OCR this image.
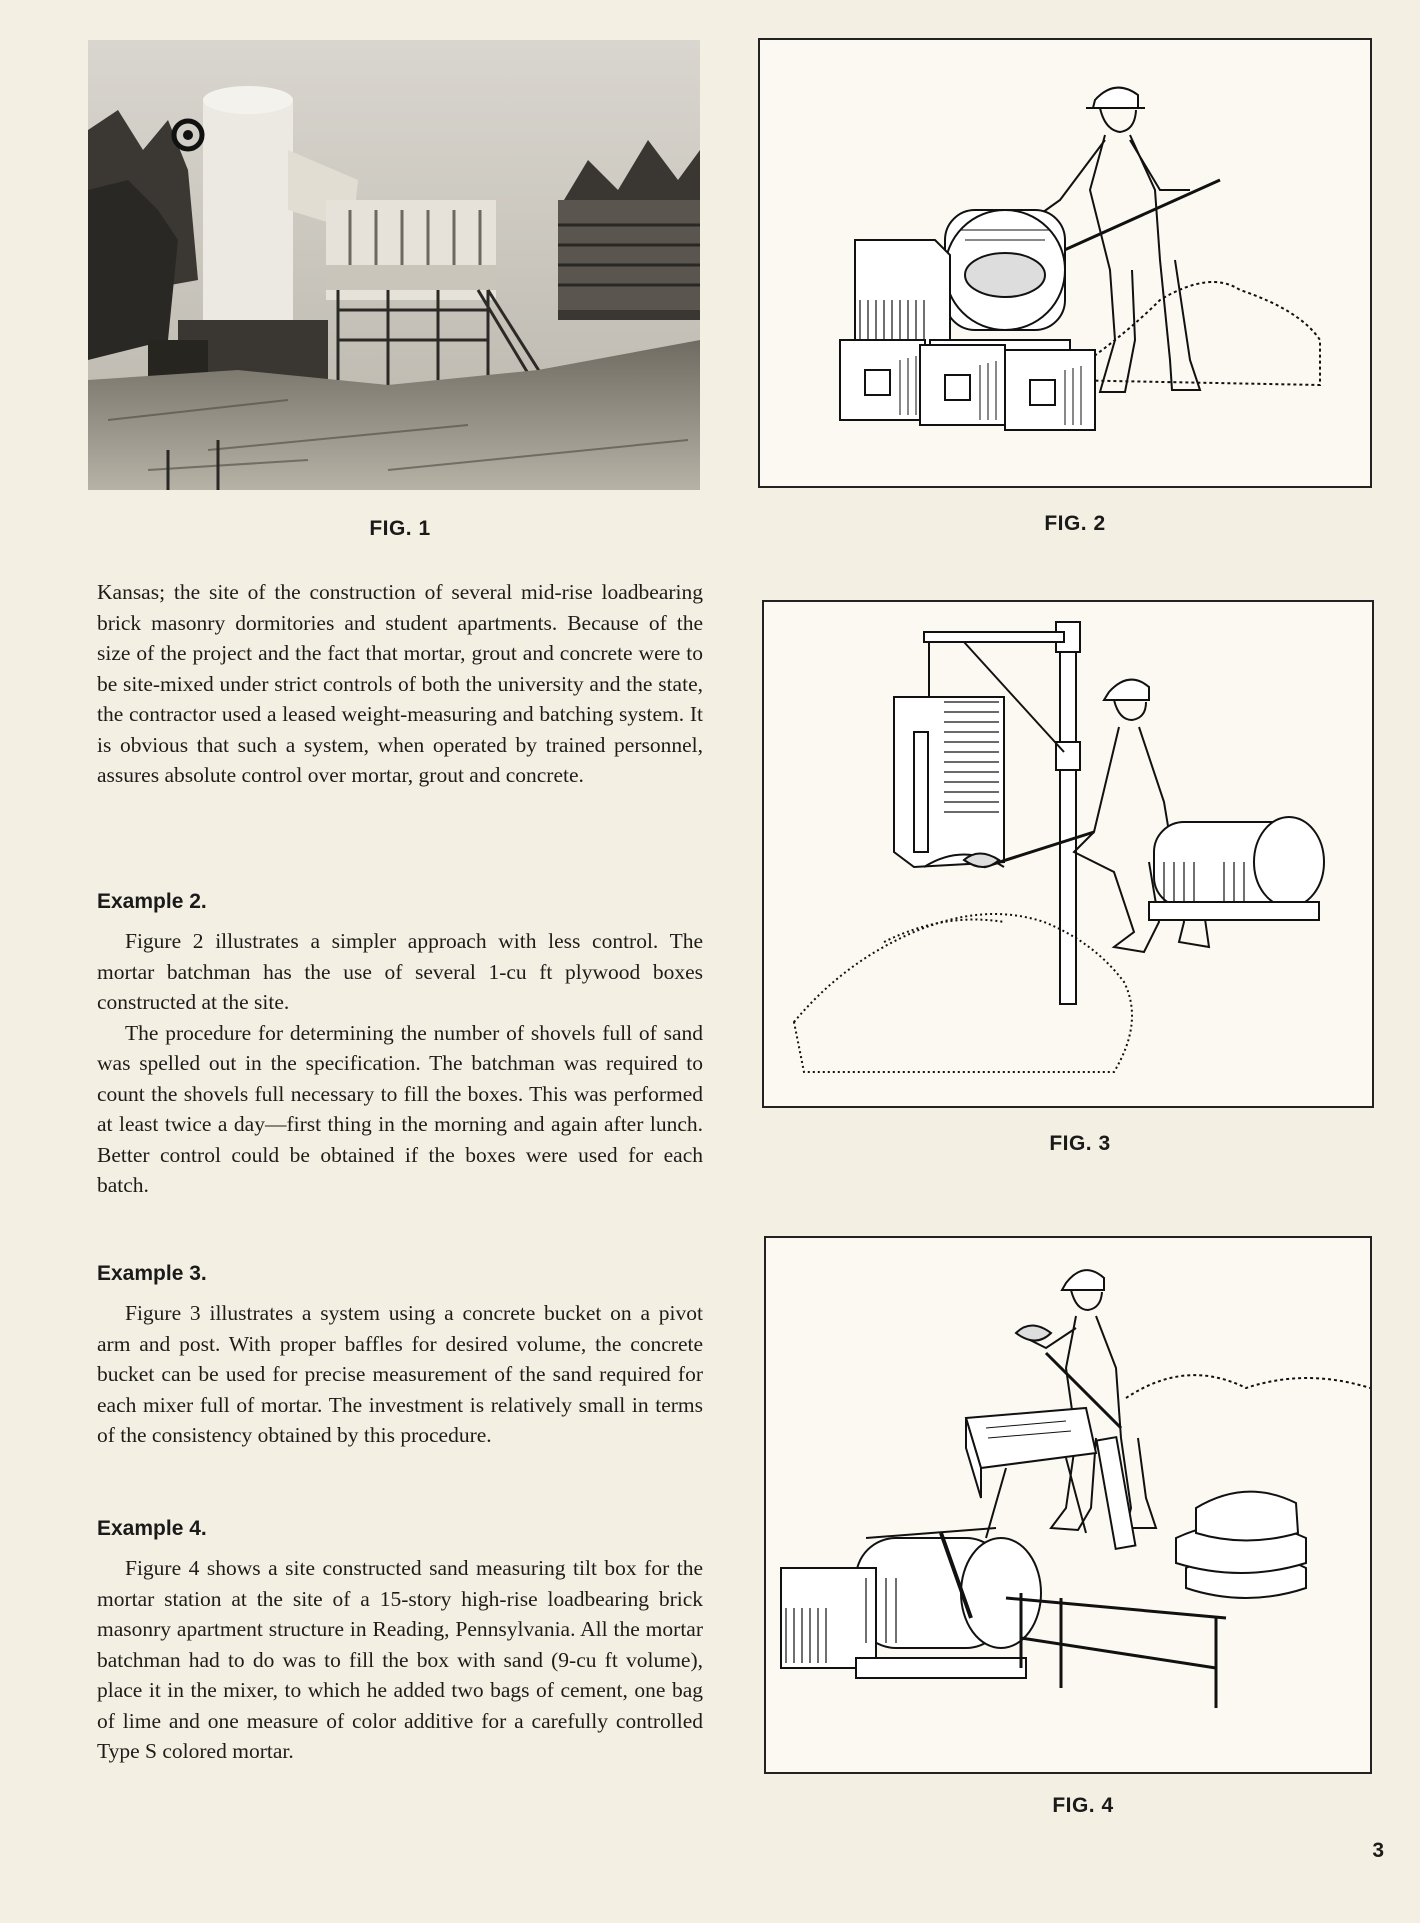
FIG. 1	FIG. 2

Kansas; the site of the construction of several mid-rise loadbearing brick masonry dormitories and student apartments. Because of the size of the project and the fact that mortar, grout and concrete were to be site-mixed under strict controls of both the university and the state, the contractor used a leased weight-measuring and batching system. It is obvious that such a system, when operated by trained personnel, assures absolute control over mortar, grout and concrete.

Example 2.

Figure 2 illustrates a simpler approach with less control. The mortar batchman has the use of several 1-cu ft plywood boxes constructed at the site.

The procedure for determining the number of shovels full of sand was spelled out in the specification. The batchman was required to count the shovels full necessary to fill the boxes. This was performed at least twice a day—first thing in the morning and again after lunch. Better control could be obtained if the boxes were used for each batch.

Example 3.

Figure 3 illustrates a system using a concrete bucket on a pivot arm and post. With proper baffles for desired volume, the concrete bucket can be used for precise measurement of the sand required for each mixer full of mortar. The investment is relatively small in terms of the consistency obtained by this procedure.

Example 4.

Figure 4 shows a site constructed sand measuring tilt box for the mortar station at the site of a 15-story high-rise loadbearing brick masonry apartment structure in Reading, Pennsylvania. All the mortar batchman had to do was to fill the box with sand (9-cu ft volume), place it in the mixer, to which he added two bags of cement, one bag of lime and one measure of color additive for a carefully controlled Type S colored mortar.

FIG. 3
FIG. 4
3
